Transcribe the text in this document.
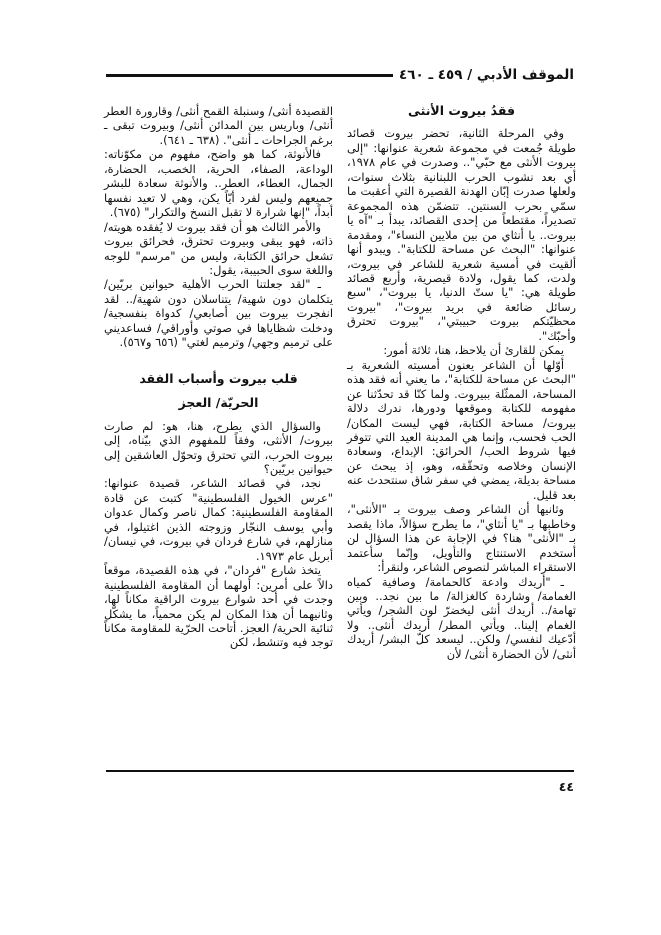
الموقف الأدبي / ٤٥٩ ـ ٤٦٠
فقدُ بيروت الأنثى

وفي المرحلة الثانية، تحضر بيروت قصائد طويلة جُمعت في مجموعة شعرية عنوانها: "إلى بيروت الأنثى مع حبّي".. وصدرت في عام ١٩٧٨، أي بعد نشوب الحرب اللبنانية بثلاث سنوات، ولعلها صدرت إبّان الهدنة القصيرة التي أعقبت ما سمّي بحرب السنتين. تتضمّن هذه المجموعة تصديراً، مقتطعاً من إحدى القصائد، يبدأ بـ "آه يا بيروت.. يا أنثاي من بين ملايين النساء"، ومقدمة عنوانها: "البحث عن مساحة للكتابة". ويبدو أنها ألقيت في أمسية شعرية للشاعر في بيروت، ولدت، كما يقول، ولادة قيصرية، وأربع قصائد طويلة هي: "يا ستّ الدنيا، يا بيروت"، "سبع رسائل ضائعة في بريد بيروت"، "بيروت محظيّتكم بيروت حبيبتي"، "بيروت تحترق وأحبّك".

يمكن للقارئ أن يلاحظ، هنا، ثلاثة أمور:

أوّلها أن الشاعر يعنون أمسيته الشعرية بـ "البحث عن مساحة للكتابة"، ما يعني أنه فقد هذه المساحة، الممثّلة ببيروت. ولما كنّا قد تحدّثنا عن مفهومه للكتابة وموقعها ودورها، ندرك دلالة بيروت/ مساحة الكتابة، فهي ليست المكان/ الحب فحسب، وإنما هي المدينة العيد التي تتوفر فيها شروط الحب/ الحرائق: الإبداع، وسعادة الإنسان وخلاصه وتحقّقه، وهو، إذ يبحث عن مساحة بديلة، يمضي في سفر شاق سنتحدث عنه بعد قليل.

وثانيها أن الشاعر وصف بيروت بـ "الأنثى"، وخاطبها بـ "يا أنثاي"، ما يطرح سؤالاً، ماذا يقصد بـ "الأنثى" هنا؟ في الإجابة عن هذا السؤال لن أستخدم الاستنتاج والتأويل، وإنّما سأعتمد الاستقراء المباشر لنصوص الشاعر، ولنقرأ:

ـ "أريدك وادعة كالحمامة/ وصافية كمياه الغمامة/ وشاردة كالغزالة/ ما بين نجد.. وبين تهامة/.. أريدك أنثى ليخضرّ لون الشجر/ ويأتي الغمام إلينا.. ويأتي المطر/ أريدك أنثى.. ولا أدّعيك لنفسي/ ولكن.. ليسعد كلّ البشر/ أريدك أنثى/ لأن الحضارة أنثى/ لأن

القصيدة أنثى/ وسنبلة القمح أنثى/ وقارورة العطر أنثى/ وباريس بين المدائن أنثى/ وبيروت تبقى ـ برغم الجراحات ـ أنثى". (٦٣٨ ـ ٦٤١).

فالأنوثة، كما هو واضح، مفهوم من مكوّناته: الوداعة، الصفاء، الحرية، الخصب، الحضارة، الجمال، العطاء، العطر.. والأنوثة سعادة للبشر جميعهم وليس لفرد أيّاً يكن، وهي لا تعيد نفسها أبداً، "إنها شرارة لا تقبل النسخ والتكرار" (٦٧٥).

والأمر الثالث هو أن فقد بيروت لا يُفقده هويته/ ذاته، فهو يبقى وبيروت تحترق، فحرائق بيروت تشعل حرائق الكتابة، وليس من "مرسم" للوجه واللغة سوى الحبيبة، يقول:

ـ "لقد جعلتنا الحرب الأهلية حيوانين بريّين/ يتكلمان دون شهية/ يتناسلان دون شهية/.. لقد انفجرت بيروت بين أصابعي/ كدواة بنفسجية/ ودخلت شظاياها في صوتي وأوراقي/ فساعديني على ترميم وجهي/ وترميم لغتي" (٦٥٦ و٥٦٧).

قلب بيروت وأسباب الفقد
الحريّة/ العجز

والسؤال الذي يطرح، هنا، هو: لم صارت بيروت/ الأنثى، وفقاً للمفهوم الذي بيّناه، إلى بيروت الحرب، التي تحترق وتحوّل العاشقين إلى حيوانين بريّين؟

نجد، في قصائد الشاعر، قصيدة عنوانها: "عرس الخيول الفلسطينية" كتبت عن قادة المقاومة الفلسطينية: كمال ناصر وكمال عدوان وأبي يوسف النجّار وزوجته الذين اغتيلوا، في منازلهم، في شارع فردان في بيروت، في نيسان/ أبريل عام ١٩٧٣.

يتخذ شارع "فردان"، في هذه القصيدة، موقعاً دالاً على أمرين: أولهما أن المقاومة الفلسطينية وجدت في أحد شوارع بيروت الراقية مكاناً لها، وثانيهما أن هذا المكان لم يكن محمياً، ما يشكّل ثنائية الحرية/ العجز. أتاحت الحرّية للمقاومة مكاناً توجد فيه وتنشط، لكن

٤٤
